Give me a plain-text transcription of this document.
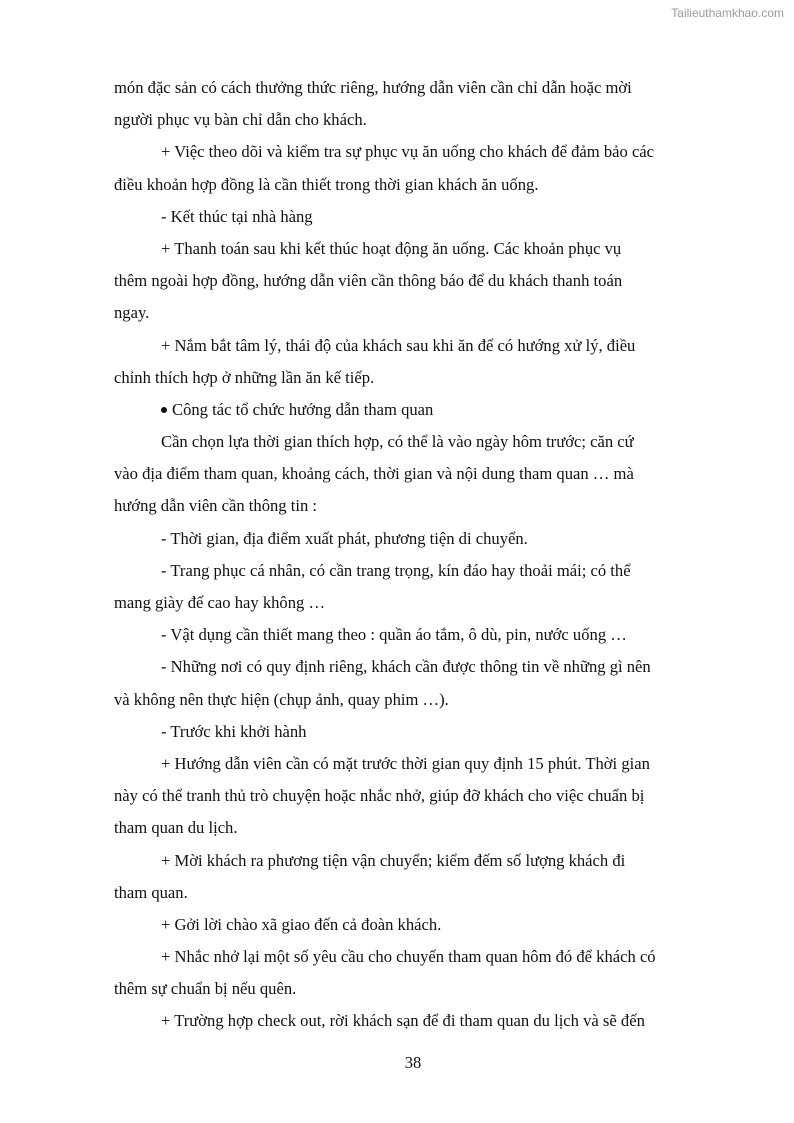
Tailieuthamkhao.com
món đặc sản có cách thưởng thức riêng, hướng dẫn viên cần chỉ dẫn hoặc mời
người phục vụ bàn chỉ dẫn cho khách.
+ Việc theo dõi và kiểm tra sự phục vụ ăn uống cho khách để đảm bảo các
điều khoản hợp đồng là cần thiết trong thời gian khách ăn uống.
- Kết thúc tại nhà hàng
+ Thanh toán sau khi kết thúc hoạt động ăn uống. Các khoản phục vụ
thêm ngoài hợp đồng, hướng dẫn viên cần thông báo để du khách thanh toán
ngay.
+ Nắm bắt tâm lý, thái độ của khách sau khi ăn để có hướng xử lý, điều
chỉnh thích hợp ở những lần ăn kế tiếp.
Công tác tổ chức hướng dẫn tham quan
Cần chọn lựa thời gian thích hợp, có thể là vào ngày hôm trước; căn cứ
vào địa điểm tham quan, khoảng cách, thời gian và nội dung tham quan … mà
hướng dẫn viên cần thông tin :
- Thời gian, địa điểm xuất phát, phương tiện di chuyển.
- Trang phục cá nhân, có cần trang trọng, kín đáo hay thoải mái; có thể
mang giày đế cao hay không …
- Vật dụng cần thiết mang theo : quần áo tắm, ô dù, pin, nước uống …
- Những nơi có quy định riêng, khách cần được thông tin về những gì nên
và không nên thực hiện (chụp ảnh, quay phim …).
- Trước khi khởi hành
+ Hướng dẫn viên cần có mặt trước thời gian quy định 15 phút. Thời gian
này có thể tranh thủ trò chuyện hoặc nhắc nhở, giúp đỡ khách cho việc chuẩn bị
tham quan du lịch.
+ Mời khách ra phương tiện vận chuyển; kiểm đếm số lượng khách đi
tham quan.
+ Gởi lời chào xã giao đến cả đoàn khách.
+ Nhắc nhở lại một số yêu cầu cho chuyến tham quan hôm đó để khách có
thêm sự chuẩn bị nếu quên.
+ Trường hợp check out, rời khách sạn để đi tham quan du lịch và sẽ đến
38
